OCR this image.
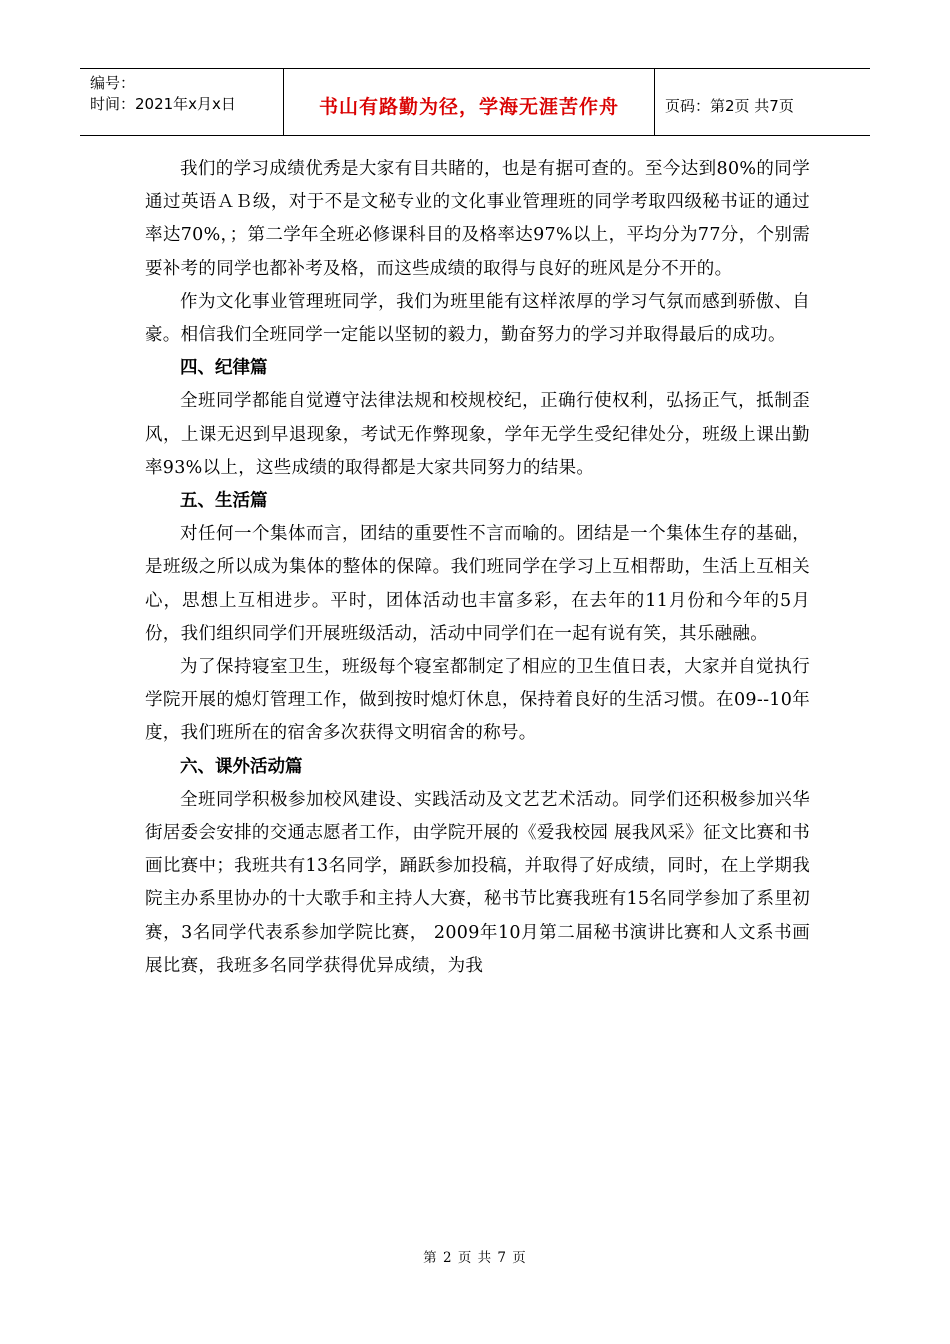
编号：
时间：2021年x月x日	书山有路勤为径，学海无涯苦作舟	页码：第2页 共7页

我们的学习成绩优秀是大家有目共睹的，也是有据可查的。至今达到80%的同学通过英语ＡＢ级，对于不是文秘专业的文化事业管理班的同学考取四级秘书证的通过率达70%，；第二学年全班必修课科目的及格率达97%以上，平均分为77分，个别需要补考的同学也都补考及格，而这些成绩的取得与良好的班风是分不开的。

作为文化事业管理班同学，我们为班里能有这样浓厚的学习气氛而感到骄傲、自豪。相信我们全班同学一定能以坚韧的毅力，勤奋努力的学习并取得最后的成功。

四、纪律篇

全班同学都能自觉遵守法律法规和校规校纪，正确行使权利，弘扬正气，抵制歪风，上课无迟到早退现象，考试无作弊现象，学年无学生受纪律处分，班级上课出勤率93%以上，这些成绩的取得都是大家共同努力的结果。

五、生活篇

对任何一个集体而言，团结的重要性不言而喻的。团结是一个集体生存的基础，是班级之所以成为集体的整体的保障。我们班同学在学习上互相帮助，生活上互相关心，思想上互相进步。平时，团体活动也丰富多彩，在去年的11月份和今年的5月份，我们组织同学们开展班级活动，活动中同学们在一起有说有笑，其乐融融。

为了保持寝室卫生，班级每个寝室都制定了相应的卫生值日表，大家并自觉执行学院开展的熄灯管理工作，做到按时熄灯休息，保持着良好的生活习惯。在09--10年度，我们班所在的宿舍多次获得文明宿舍的称号。

六、课外活动篇

全班同学积极参加校风建设、实践活动及文艺艺术活动。同学们还积极参加兴华街居委会安排的交通志愿者工作，由学院开展的《爱我校园 展我风采》征文比赛和书画比赛中；我班共有13名同学，踊跃参加投稿，并取得了好成绩，同时，在上学期我院主办系里协办的十大歌手和主持人大赛，秘书节比赛我班有15名同学参加了系里初赛，3名同学代表系参加学院比赛， 2009年10月第二届秘书演讲比赛和人文系书画展比赛，我班多名同学获得优异成绩，为我

第 2 页 共 7 页
